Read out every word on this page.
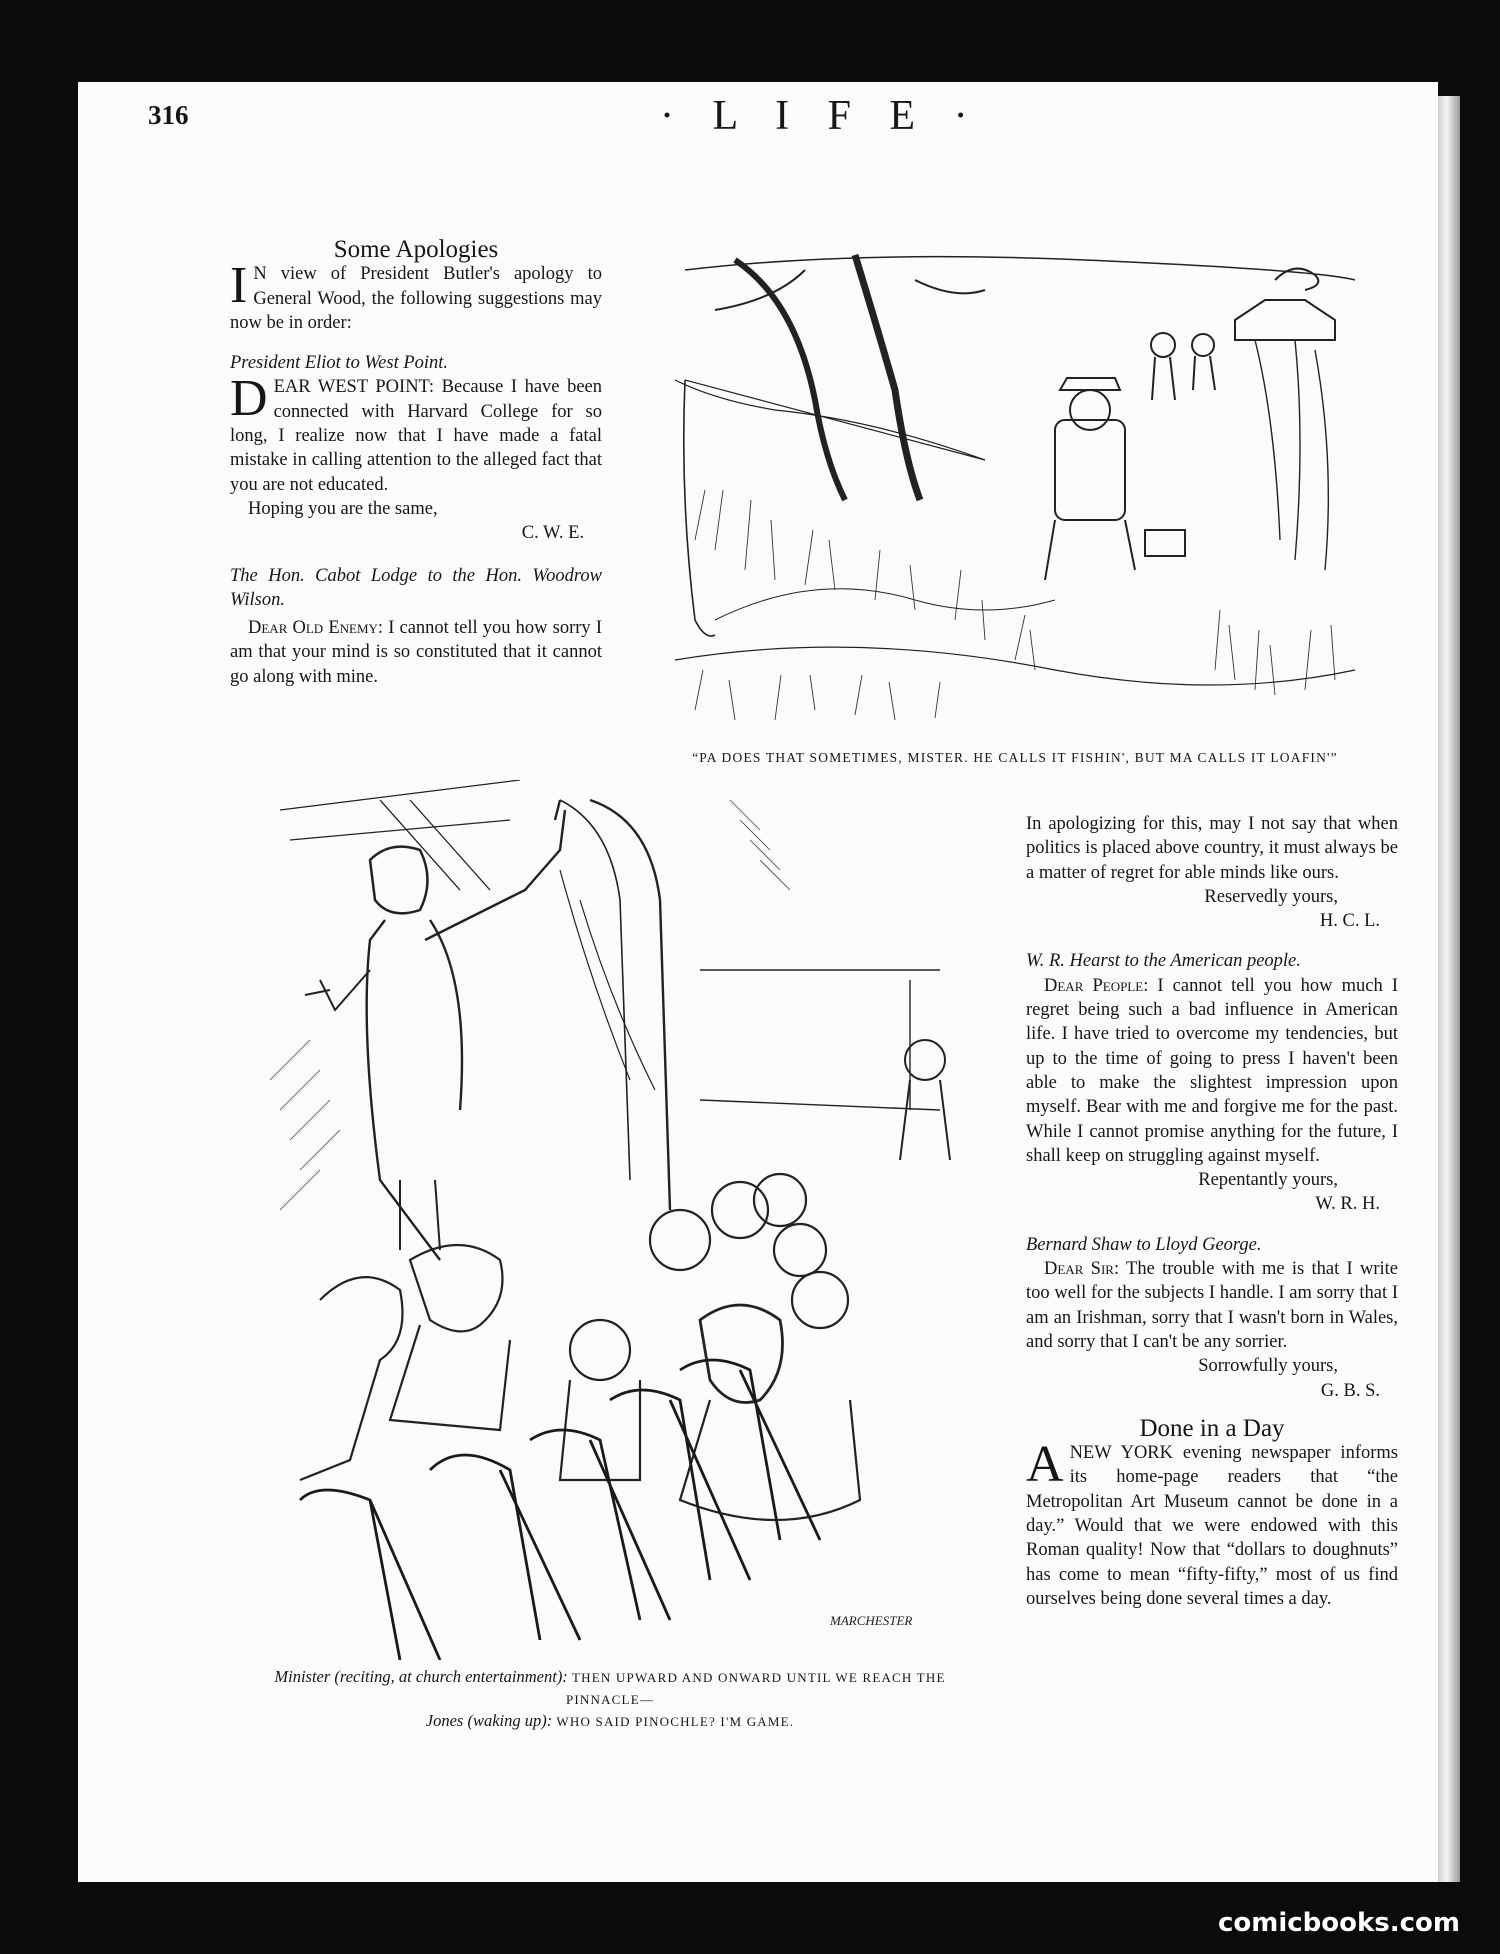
316	· L I F E ·

Some Apologies

I N view of President Butler's apology to General Wood, the following suggestions may now be in order:

President Eliot to West Point.

DEAR WEST POINT: Because I have been connected with Harvard College for so long, I realize now that I have made a fatal mistake in calling attention to the alleged fact that you are not educated.

Hoping you are the same,

C. W. E.

The Hon. Cabot Lodge to the Hon. Woodrow Wilson.

Dear Old Enemy: I cannot tell you how sorry I am that your mind is so constituted that it cannot go along with mine.

“PA DOES THAT SOMETIMES, MISTER. HE CALLS IT FISHIN', BUT MA CALLS IT LOAFIN'”
MARCHESTER
Minister (reciting, at church entertainment): THEN UPWARD AND ONWARD UNTIL WE REACH THE PINNACLE—
Jones (waking up): WHO SAID PINOCHLE? I'M GAME.

In apologizing for this, may I not say that when politics is placed above country, it must always be a matter of regret for able minds like ours.

Reservedly yours,

H. C. L.

W. R. Hearst to the American people.

Dear People: I cannot tell you how much I regret being such a bad influence in American life. I have tried to overcome my tendencies, but up to the time of going to press I haven't been able to make the slightest impression upon myself. Bear with me and forgive me for the past. While I cannot promise anything for the future, I shall keep on struggling against myself.

Repentantly yours,

W. R. H.

Bernard Shaw to Lloyd George.

Dear Sir: The trouble with me is that I write too well for the subjects I handle. I am sorry that I am an Irishman, sorry that I wasn't born in Wales, and sorry that I can't be any sorrier.

Sorrowfully yours,

G. B. S.

Done in a Day

A NEW YORK evening newspaper informs its home-page readers that “the Metropolitan Art Museum cannot be done in a day.” Would that we were endowed with this Roman quality! Now that “dollars to doughnuts” has come to mean “fifty-fifty,” most of us find ourselves being done several times a day.

comicbooks.com
